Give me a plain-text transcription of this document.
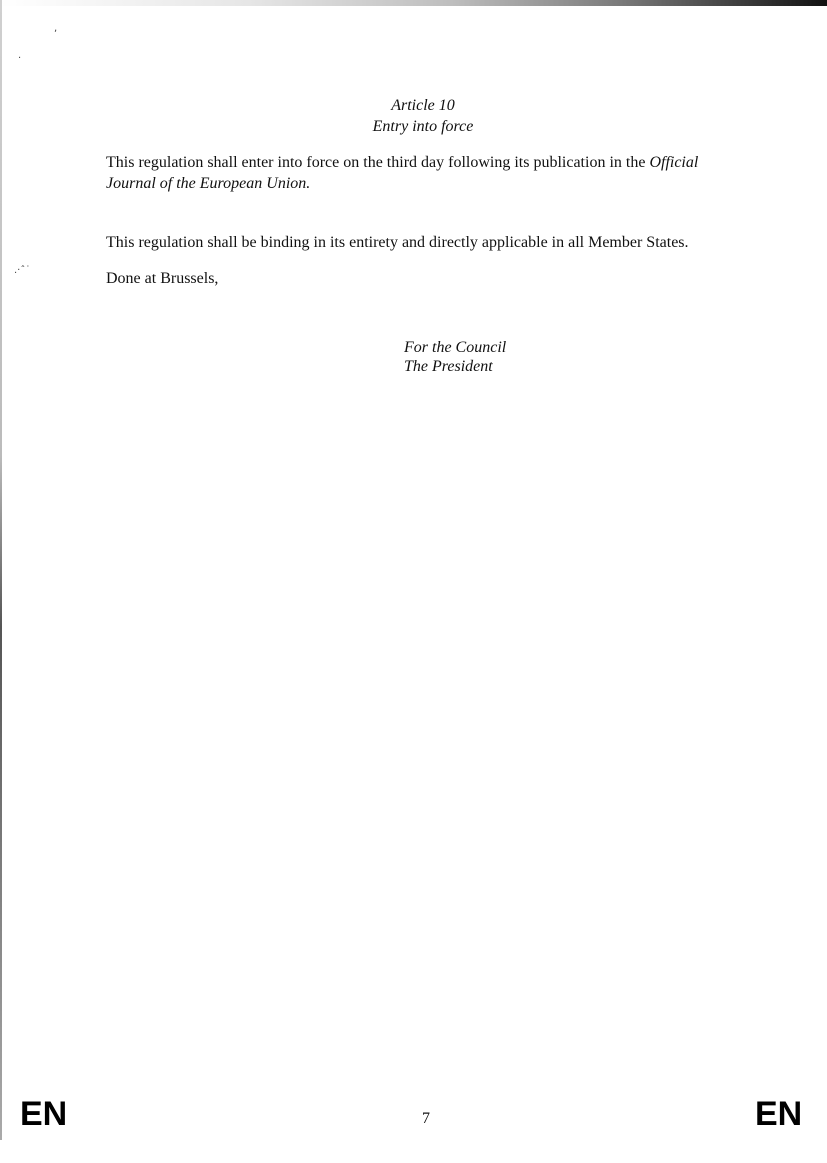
,
·
.·ˆ˙
Article 10
Entry into force
This regulation shall enter into force on the third day following its publication in the Official
Journal of the European Union.
This regulation shall be binding in its entirety and directly applicable in all Member States.
Done at Brussels,
For the Council
The President
EN	7	EN
